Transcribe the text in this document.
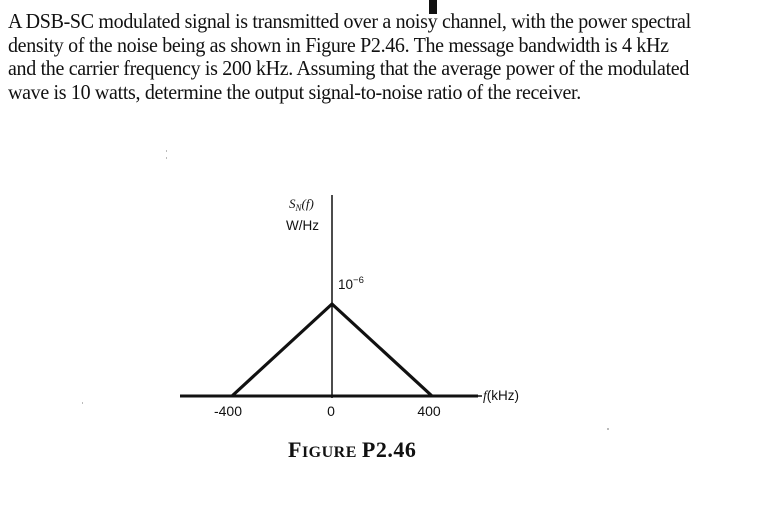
A DSB-SC modulated signal is transmitted over a noisy channel, with the power spectral
density of the noise being as shown in Figure P2.46. The message bandwidth is 4 kHz
and the carrier frequency is 200 kHz. Assuming that the average power of the modulated
wave is 10 watts, determine the output signal-to-noise ratio of the receiver.
$S_N(f)$
W/Hz
$10^{-6}$
-400	0	400
f(kHz)
FIGURE P2.46
